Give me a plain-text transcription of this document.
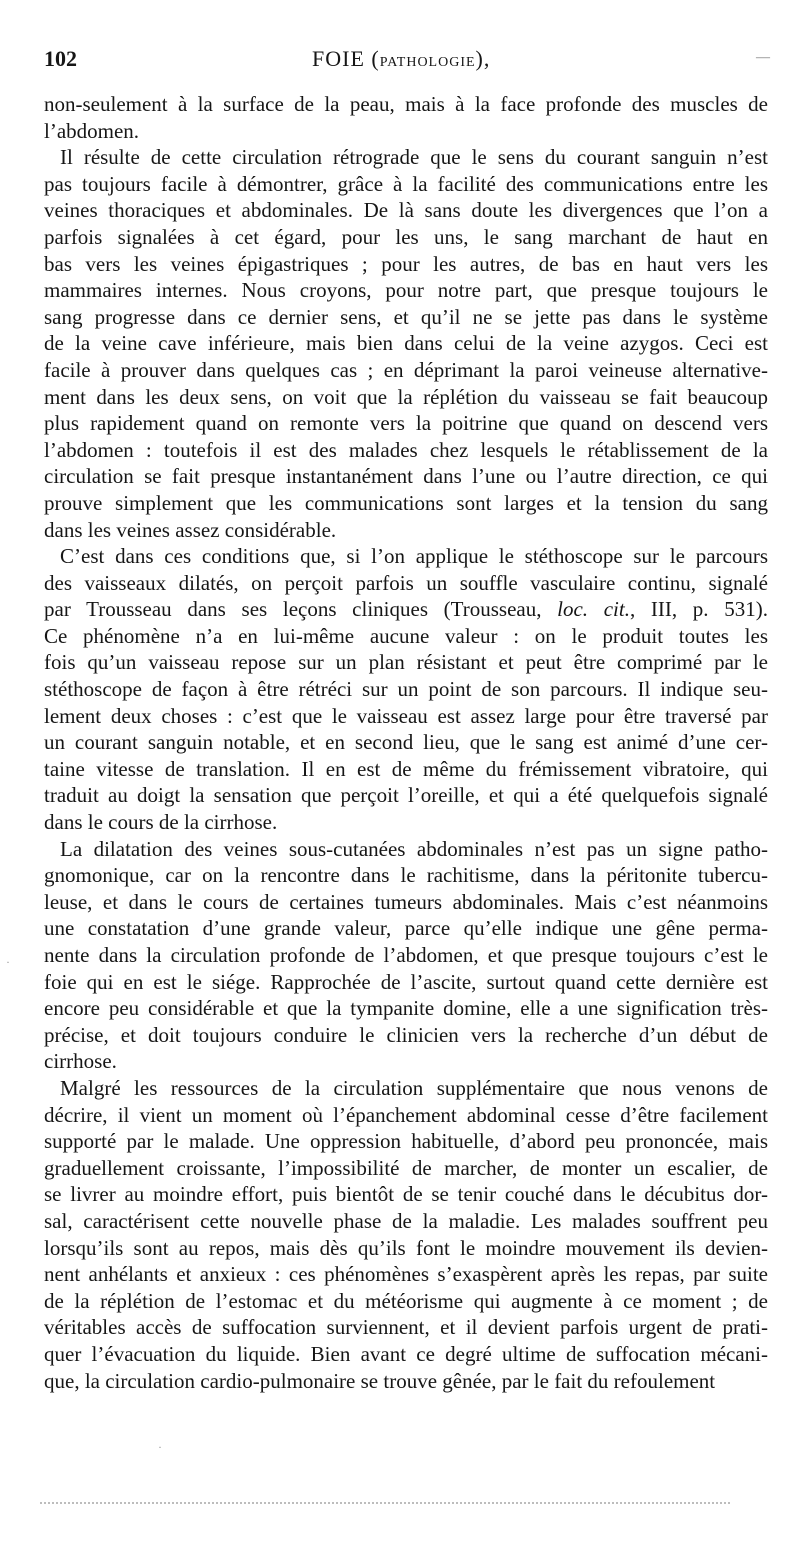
102	FOIE (PATHOLOGIE),	—
non-seulement à la surface de la peau, mais à la face profonde des muscles de
l’abdomen.
Il résulte de cette circulation rétrograde que le sens du courant sanguin n’est
pas toujours facile à démontrer, grâce à la facilité des communications entre les
veines thoraciques et abdominales. De là sans doute les divergences que l’on a
parfois signalées à cet égard, pour les uns, le sang marchant de haut en
bas vers les veines épigastriques ; pour les autres, de bas en haut vers les
mammaires internes. Nous croyons, pour notre part, que presque toujours le
sang progresse dans ce dernier sens, et qu’il ne se jette pas dans le système
de la veine cave inférieure, mais bien dans celui de la veine azygos. Ceci est
facile à prouver dans quelques cas ; en déprimant la paroi veineuse alternative-
ment dans les deux sens, on voit que la réplétion du vaisseau se fait beaucoup
plus rapidement quand on remonte vers la poitrine que quand on descend vers
l’abdomen : toutefois il est des malades chez lesquels le rétablissement de la
circulation se fait presque instantanément dans l’une ou l’autre direction, ce qui
prouve simplement que les communications sont larges et la tension du sang
dans les veines assez considérable.
C’est dans ces conditions que, si l’on applique le stéthoscope sur le parcours
des vaisseaux dilatés, on perçoit parfois un souffle vasculaire continu, signalé
par Trousseau dans ses leçons cliniques (Trousseau, loc. cit., III, p. 531).
Ce phénomène n’a en lui-même aucune valeur : on le produit toutes les
fois qu’un vaisseau repose sur un plan résistant et peut être comprimé par le
stéthoscope de façon à être rétréci sur un point de son parcours. Il indique seu-
lement deux choses : c’est que le vaisseau est assez large pour être traversé par
un courant sanguin notable, et en second lieu, que le sang est animé d’une cer-
taine vitesse de translation. Il en est de même du frémissement vibratoire, qui
traduit au doigt la sensation que perçoit l’oreille, et qui a été quelquefois signalé
dans le cours de la cirrhose.
La dilatation des veines sous-cutanées abdominales n’est pas un signe patho-
gnomonique, car on la rencontre dans le rachitisme, dans la péritonite tubercu-
leuse, et dans le cours de certaines tumeurs abdominales. Mais c’est néanmoins
une constatation d’une grande valeur, parce qu’elle indique une gêne perma-
nente dans la circulation profonde de l’abdomen, et que presque toujours c’est le
foie qui en est le siége. Rapprochée de l’ascite, surtout quand cette dernière est
encore peu considérable et que la tympanite domine, elle a une signification très-
précise, et doit toujours conduire le clinicien vers la recherche d’un début de
cirrhose.
Malgré les ressources de la circulation supplémentaire que nous venons de
décrire, il vient un moment où l’épanchement abdominal cesse d’être facilement
supporté par le malade. Une oppression habituelle, d’abord peu prononcée, mais
graduellement croissante, l’impossibilité de marcher, de monter un escalier, de
se livrer au moindre effort, puis bientôt de se tenir couché dans le décubitus dor-
sal, caractérisent cette nouvelle phase de la maladie. Les malades souffrent peu
lorsqu’ils sont au repos, mais dès qu’ils font le moindre mouvement ils devien-
nent anhélants et anxieux : ces phénomènes s’exaspèrent après les repas, par suite
de la réplétion de l’estomac et du météorisme qui augmente à ce moment ; de
véritables accès de suffocation surviennent, et il devient parfois urgent de prati-
quer l’évacuation du liquide. Bien avant ce degré ultime de suffocation mécani-
que, la circulation cardio-pulmonaire se trouve gênée, par le fait du refoulement
·
·
